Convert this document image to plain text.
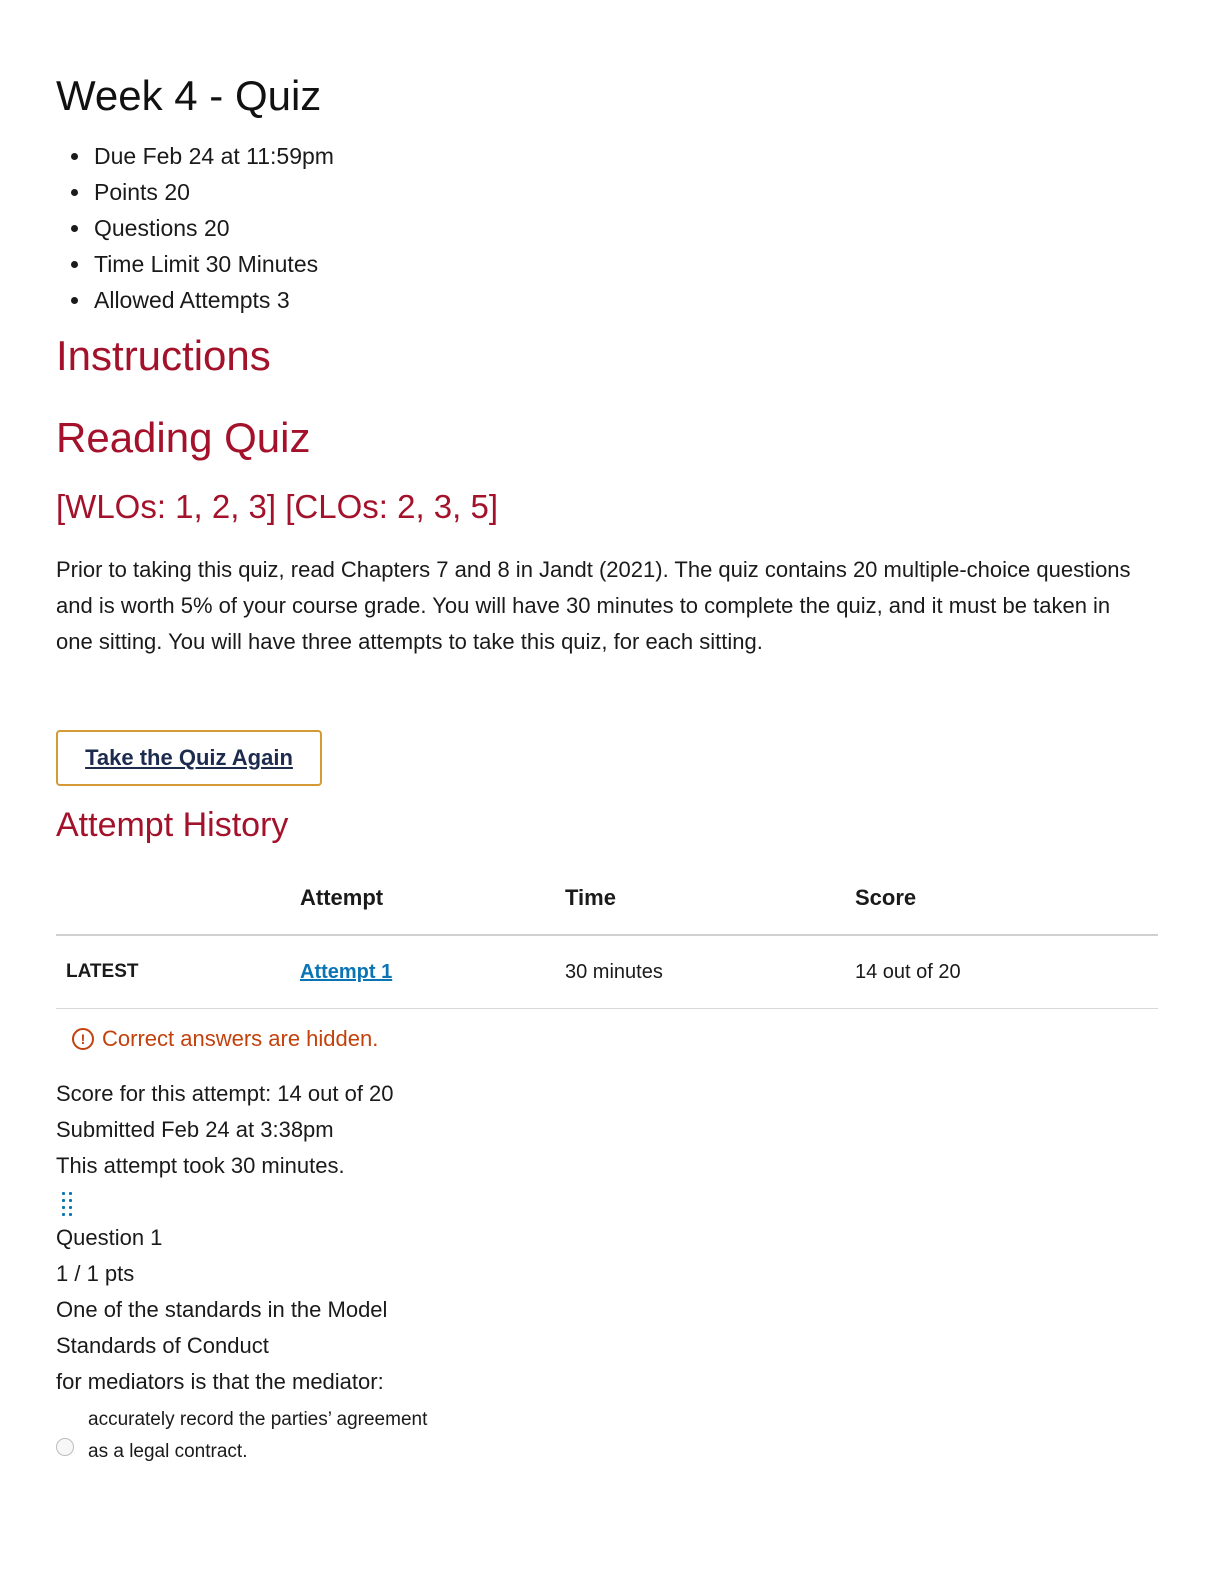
Week 4 - Quiz
• Due Feb 24 at 11:59pm
• Points 20
• Questions 20
• Time Limit 30 Minutes
• Allowed Attempts 3
Instructions
Reading Quiz
[WLOs: 1, 2, 3] [CLOs: 2, 3, 5]

Prior to taking this quiz, read Chapters 7 and 8 in Jandt (2021). The quiz contains 20 multiple-choice questions and is worth 5% of your course grade. You will have 30 minutes to complete the quiz, and it must be taken in one sitting. You will have three attempts to take this quiz, for each sitting.

Take the Quiz Again
Attempt History
	Attempt	Time	Score
LATEST	Attempt 1	30 minutes	14 out of 20
! Correct answers are hidden.
Score for this attempt: 14 out of 20
Submitted Feb 24 at 3:38pm
This attempt took 30 minutes.
Question 1
1 / 1 pts
One of the standards in the Model
Standards of Conduct
for mediators is that the mediator:
accurately record the parties’ agreement
as a legal contract.
